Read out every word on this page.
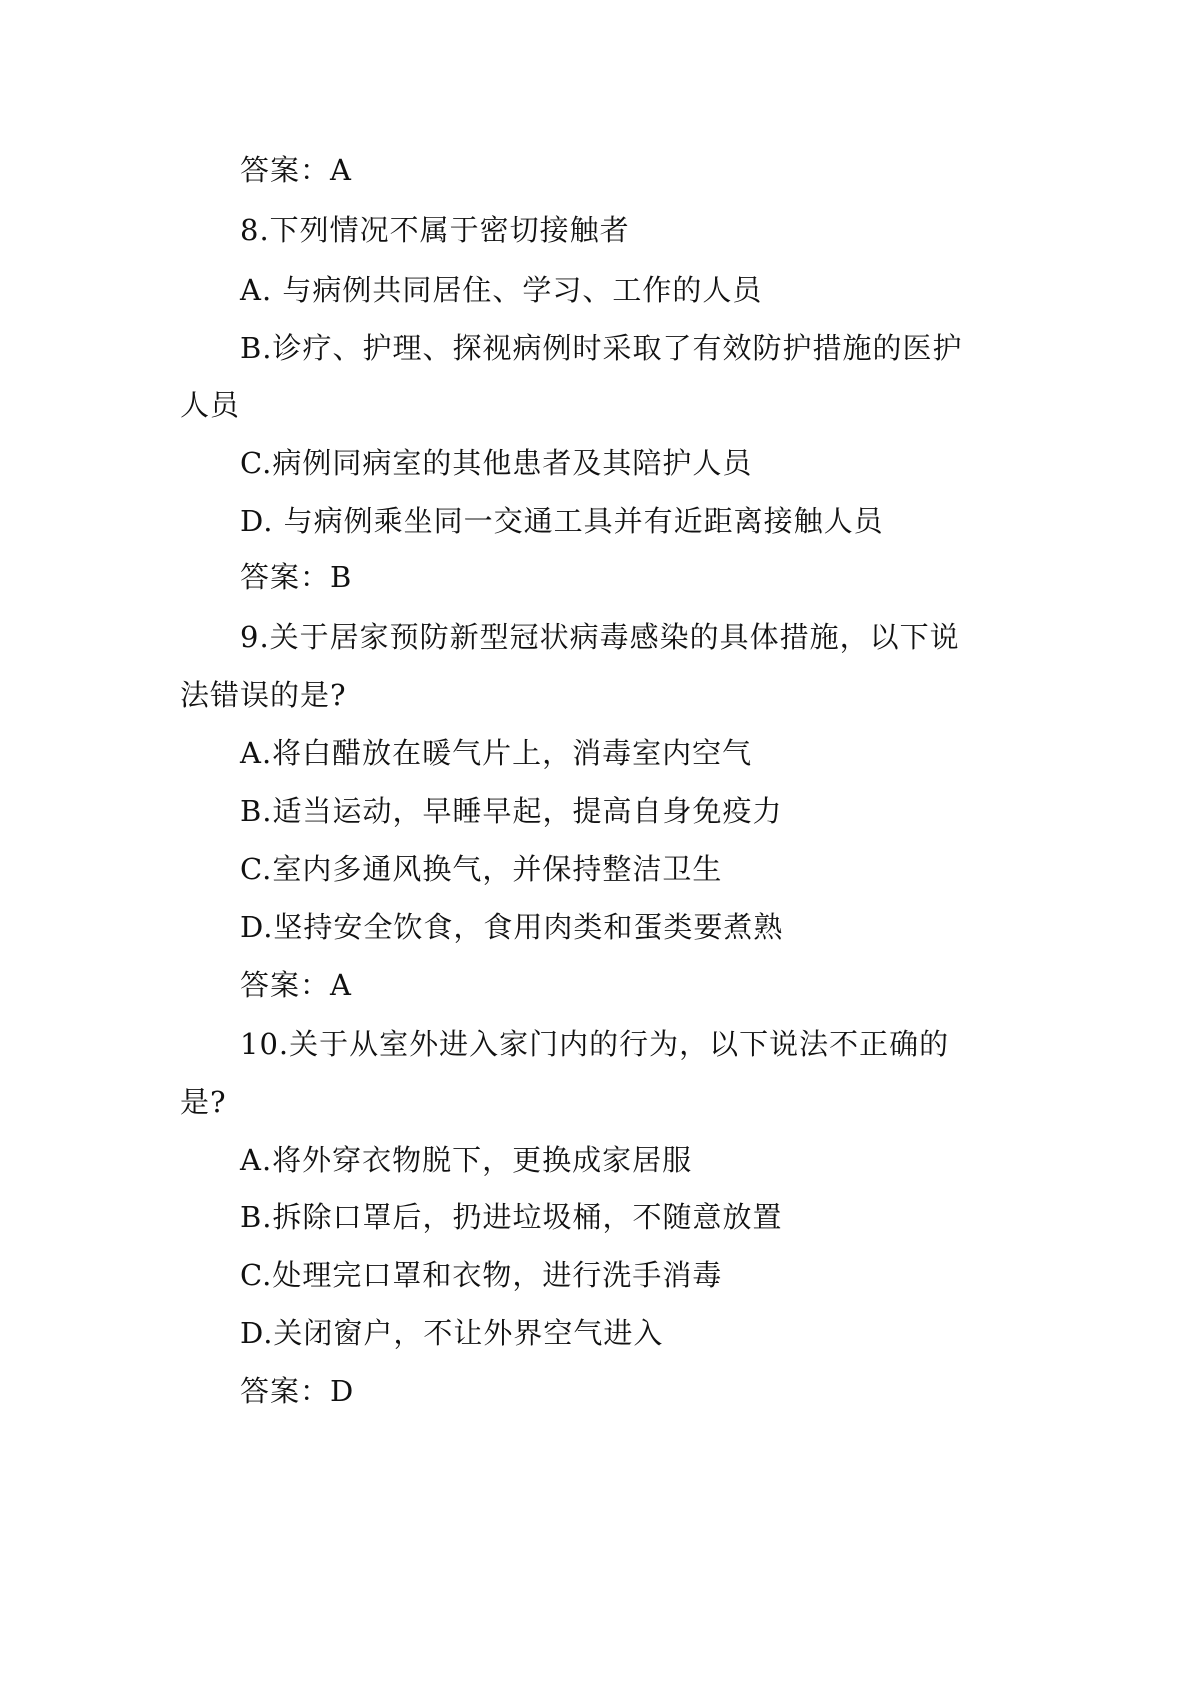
答案：A
8.下列情况不属于密切接触者
A. 与病例共同居住、学习、工作的人员
B.诊疗、护理、探视病例时采取了有效防护措施的医护
人员
C.病例同病室的其他患者及其陪护人员
D. 与病例乘坐同一交通工具并有近距离接触人员
答案：B
9.关于居家预防新型冠状病毒感染的具体措施，以下说
法错误的是?
A.将白醋放在暖气片上，消毒室内空气
B.适当运动，早睡早起，提高自身免疫力
C.室内多通风换气，并保持整洁卫生
D.坚持安全饮食，食用肉类和蛋类要煮熟
答案：A
10.关于从室外进入家门内的行为，以下说法不正确的
是?
A.将外穿衣物脱下，更换成家居服
B.拆除口罩后，扔进垃圾桶，不随意放置
C.处理完口罩和衣物，进行洗手消毒
D.关闭窗户，不让外界空气进入
答案：D
